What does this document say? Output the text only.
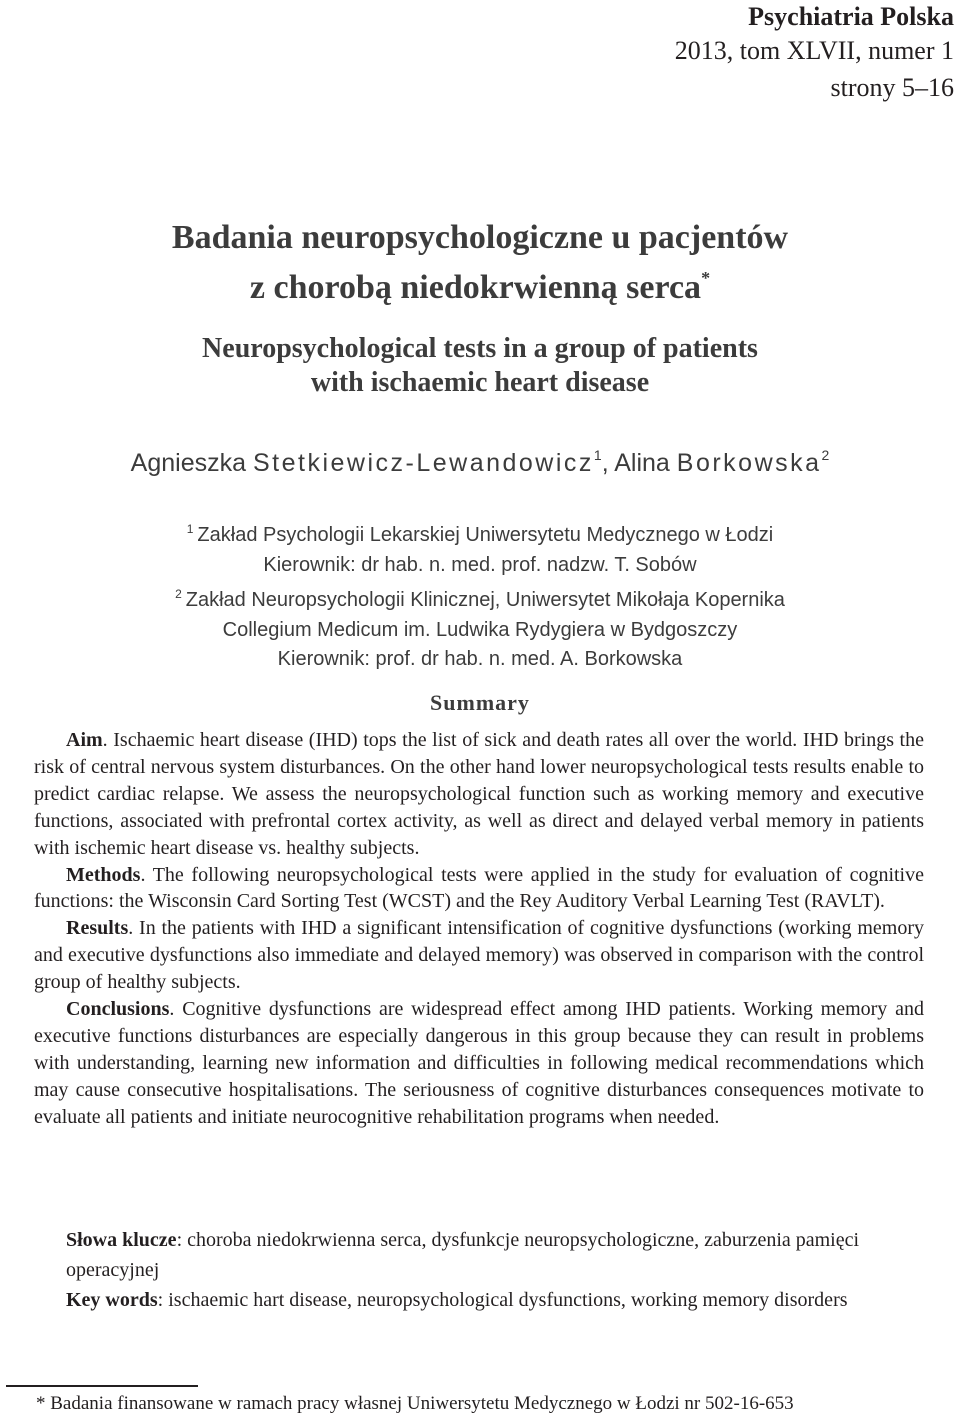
Psychiatria Polska
2013, tom XLVII, numer 1
strony 5–16
Badania neuropsychologiczne u pacjentów
z chorobą niedokrwienną serca*
Neuropsychological tests in a group of patients
with ischaemic heart disease
Agnieszka Stetkiewicz-Lewandowicz$^1$, Alina Borkowska$^2$
$^1$ Zakład Psychologii Lekarskiej Uniwersytetu Medycznego w Łodzi
Kierownik: dr hab. n. med. prof. nadzw. T. Sobów
$^2$ Zakład Neuropsychologii Klinicznej, Uniwersytet Mikołaja Kopernika
Collegium Medicum im. Ludwika Rydygiera w Bydgoszczy
Kierownik: prof. dr hab. n. med. A. Borkowska
Summary

Aim. Ischaemic heart disease (IHD) tops the list of sick and death rates all over the world. IHD brings the risk of central nervous system disturbances. On the other hand lower neuropsychological tests results enable to predict cardiac relapse. We assess the neuropsychological function such as working memory and executive functions, associated with prefrontal cortex activity, as well as direct and delayed verbal memory in patients with ischemic heart disease vs. healthy subjects.

Methods. The following neuropsychological tests were applied in the study for evaluation of cognitive functions: the Wisconsin Card Sorting Test (WCST) and the Rey Auditory Verbal Learning Test (RAVLT).

Results. In the patients with IHD a significant intensification of cognitive dysfunctions (working memory and executive dysfunctions also immediate and delayed memory) was observed in comparison with the control group of healthy subjects.

Conclusions. Cognitive dysfunctions are widespread effect among IHD patients. Working memory and executive functions disturbances are especially dangerous in this group because they can result in problems with understanding, learning new information and difficulties in following medical recommendations which may cause consecutive hospitalisations. The seriousness of cognitive disturbances consequences motivate to evaluate all patients and initiate neurocognitive rehabilitation programs when needed.

Słowa klucze: choroba niedokrwienna serca, dysfunkcje neuropsychologiczne, zaburzenia pamięci operacyjnej

Key words: ischaemic hart disease, neuropsychological dysfunctions, working memory disorders

* Badania finansowane w ramach pracy własnej Uniwersytetu Medycznego w Łodzi nr 502-16-653
